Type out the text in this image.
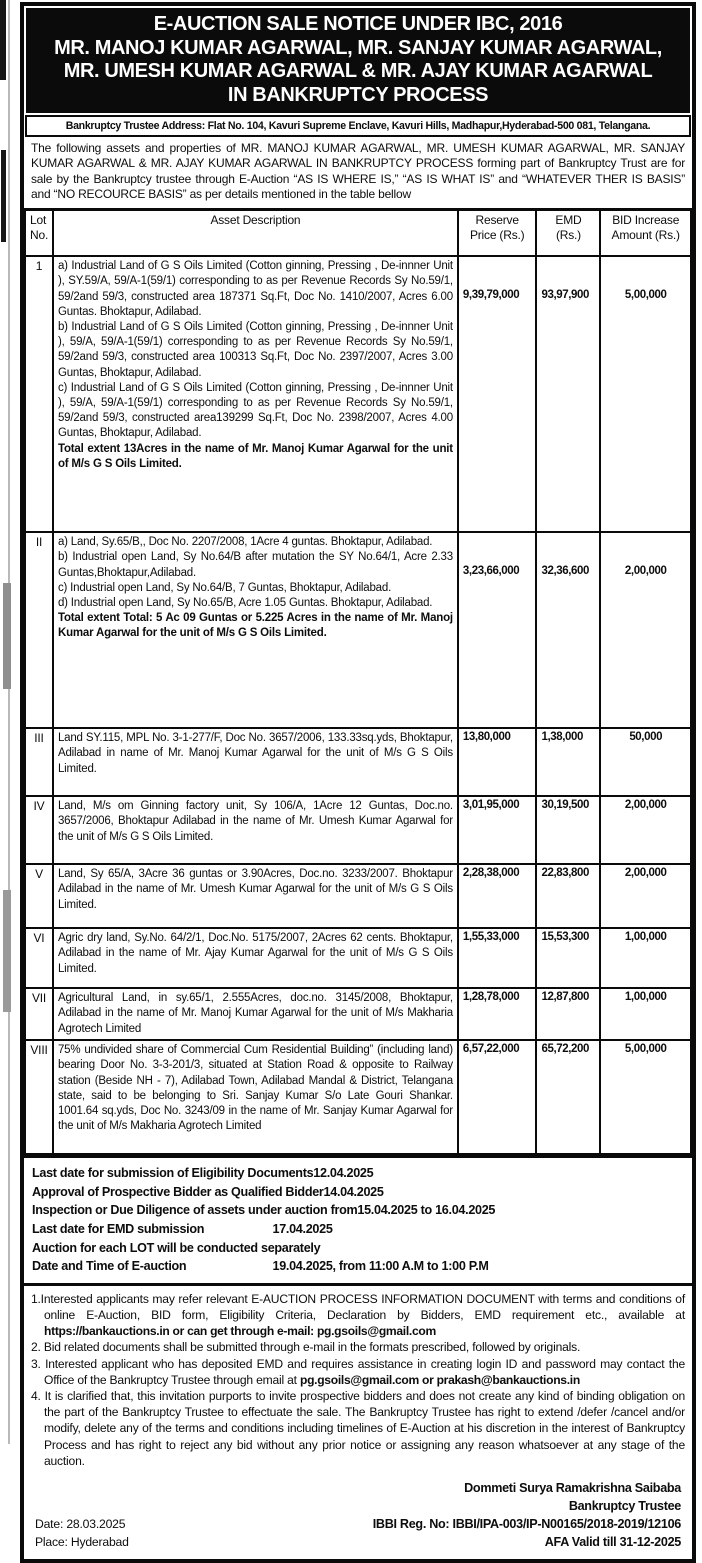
E-AUCTION SALE NOTICE UNDER IBC, 2016
MR. MANOJ KUMAR AGARWAL, MR. SANJAY KUMAR AGARWAL,
MR. UMESH KUMAR AGARWAL & MR. AJAY KUMAR AGARWAL
IN BANKRUPTCY PROCESS
Bankruptcy Trustee Address: Flat No. 104, Kavuri Supreme Enclave, Kavuri Hills, Madhapur,Hyderabad-500 081, Telangana.
The following assets and properties of MR. MANOJ KUMAR AGARWAL, MR. UMESH KUMAR AGARWAL, MR. SANJAY KUMAR AGARWAL & MR. AJAY KUMAR AGARWAL IN BANKRUPTCY PROCESS forming part of Bankruptcy Trust are for sale by the Bankruptcy trustee through E-Auction “AS IS WHERE IS,” “AS IS WHAT IS” and “WHATEVER THER IS BASIS” and “NO RECOURCE BASIS” as per details mentioned in the table bellow
Lot No.	Asset Description	Reserve Price (Rs.)	EMD (Rs.)	BID Increase Amount (Rs.)
1	a) Industrial Land of G S Oils Limited (Cotton ginning, Pressing , De-innner Unit ), SY.59/A, 59/A-1(59/1) corresponding to as per Revenue Records Sy No.59/1, 59/2and 59/3, constructed area 187371 Sq.Ft, Doc No. 1410/2007, Acres 6.00 Guntas. Bhoktapur, Adilabad.
b) Industrial Land of G S Oils Limited (Cotton ginning, Pressing , De-innner Unit ), 59/A, 59/A-1(59/1) corresponding to as per Revenue Records Sy No.59/1, 59/2and 59/3, constructed area 100313 Sq.Ft, Doc No. 2397/2007, Acres 3.00 Guntas, Bhoktapur, Adilabad.
c) Industrial Land of G S Oils Limited (Cotton ginning, Pressing , De-innner Unit ), 59/A, 59/A-1(59/1) corresponding to as per Revenue Records Sy No.59/1, 59/2and 59/3, constructed area139299 Sq.Ft, Doc No. 2398/2007, Acres 4.00 Guntas, Bhoktapur, Adilabad.
Total extent 13Acres in the name of Mr. Manoj Kumar Agarwal for the unit of M/s G S Oils Limited.	9,39,79,000	93,97,900	5,00,000
II	a) Land, Sy.65/B,, Doc No. 2207/2008, 1Acre 4 guntas. Bhoktapur, Adilabad.
b) Industrial open Land, Sy No.64/B after mutation the SY No.64/1, Acre 2.33 Guntas,Bhoktapur,Adilabad.
c) Industrial open Land, Sy No.64/B, 7 Guntas, Bhoktapur, Adilabad.
d) Industrial open Land, Sy No.65/B, Acre 1.05 Guntas. Bhoktapur, Adilabad.
Total extent Total: 5 Ac 09 Guntas or 5.225 Acres in the name of Mr. Manoj Kumar Agarwal for the unit of M/s G S Oils Limited.	3,23,66,000	32,36,600	2,00,000
III	Land SY.115, MPL No. 3-1-277/F, Doc No. 3657/2006, 133.33sq.yds, Bhoktapur, Adilabad in name of Mr. Manoj Kumar Agarwal for the unit of M/s G S Oils Limited.	13,80,000	1,38,000	50,000
IV	Land, M/s om Ginning factory unit, Sy 106/A, 1Acre 12 Guntas, Doc.no. 3657/2006, Bhoktapur Adilabad in the name of Mr. Umesh Kumar Agarwal for the unit of M/s G S Oils Limited.	3,01,95,000	30,19,500	2,00,000
V	Land, Sy 65/A, 3Acre 36 guntas or 3.90Acres, Doc.no. 3233/2007. Bhoktapur Adilabad in the name of Mr. Umesh Kumar Agarwal for the unit of M/s G S Oils Limited.	2,28,38,000	22,83,800	2,00,000
VI	Agric dry land, Sy.No. 64/2/1, Doc.No. 5175/2007, 2Acres 62 cents. Bhoktapur, Adilabad in the name of Mr. Ajay Kumar Agarwal for the unit of M/s G S Oils Limited.	1,55,33,000	15,53,300	1,00,000
VII	Agricultural Land, in sy.65/1, 2.555Acres, doc.no. 3145/2008, Bhoktapur, Adilabad in the name of Mr. Manoj Kumar Agarwal for the unit of M/s Makharia Agrotech Limited	1,28,78,000	12,87,800	1,00,000
VIII	75% undivided share of Commercial Cum Residential Building” (including land) bearing Door No. 3-3-201/3, situated at Station Road & opposite to Railway station (Beside NH - 7), Adilabad Town, Adilabad Mandal & District, Telangana state, said to be belonging to Sri. Sanjay Kumar S/o Late Gouri Shankar. 1001.64 sq.yds, Doc No. 3243/09 in the name of Mr. Sanjay Kumar Agarwal for the unit of M/s Makharia Agrotech Limited	6,57,22,000	65,72,200	5,00,000
Last date for submission of Eligibility Documents 12.04.2025
Approval of Prospective Bidder as Qualified Bidder 14.04.2025
Inspection or Due Diligence of assets under auction from 15.04.2025 to 16.04.2025
Last date for EMD submission	17.04.2025
Auction for each LOT will be conducted separately
Date and Time of E-auction	19.04.2025, from 11:00 A.M to 1:00 P.M

1.Interested applicants may refer relevant E-AUCTION PROCESS INFORMATION DOCUMENT with terms and conditions of online E-Auction, BID form, Eligibility Criteria, Declaration by Bidders, EMD requirement etc., available at https://bankauctions.in or can get through e-mail: pg.gsoils@gmail.com

2. Bid related documents shall be submitted through e-mail in the formats prescribed, followed by originals.

3. Interested applicant who has deposited EMD and requires assistance in creating login ID and password may contact the Office of the Bankruptcy Trustee through email at pg.gsoils@gmail.com or prakash@bankauctions.in

4. It is clarified that, this invitation purports to invite prospective bidders and does not create any kind of binding obligation on the part of the Bankruptcy Trustee to effectuate the sale. The Bankruptcy Trustee has right to extend /defer /cancel and/or modify, delete any of the terms and conditions including timelines of E-Auction at his discretion in the interest of Bankruptcy Process and has right to reject any bid without any prior notice or assigning any reason whatsoever at any stage of the auction.

Date: 28.03.2025
Place: Hyderabad
Dommeti Surya Ramakrishna Saibaba
Bankruptcy Trustee
IBBI Reg. No: IBBI/IPA-003/IP-N00165/2018-2019/12106
AFA Valid till 31-12-2025
